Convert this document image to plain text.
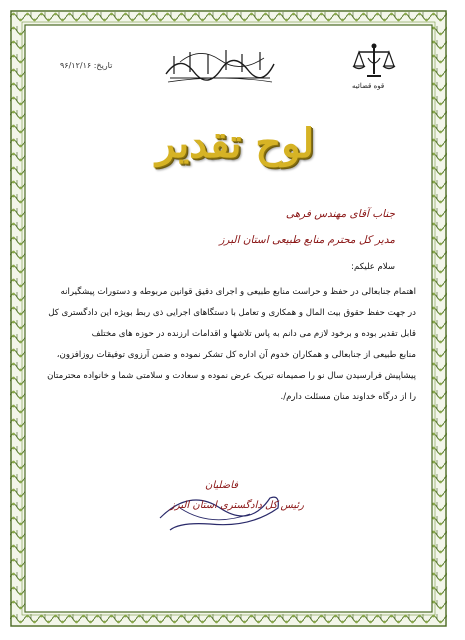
تاریخ: ۹۶/۱۲/۱۶
قوه قضائیه
لوح تقدیر
جناب آقای مهندس فرهی
مدیر کل محترم منابع طبیعی استان البرز
سلام علیکم:
اهتمام جنابعالی در حفظ و حراست منابع طبیعی و اجرای دقیق قوانین مربوطه و دستورات پیشگیرانه
در جهت حفظ حقوق بیت المال و همکاری و تعامل با دستگاهای اجرایی ذی ربط بویژه این دادگستری کل
قابل تقدیر بوده و برخود لازم می دانم به پاس تلاشها و اقدامات ارزنده در حوزه های مختلف
منابع طبیعی از جنابعالی و همکاران خدوم آن اداره کل تشکر نموده و ضمن آرزوی توفیقات روزافزون،
پیشاپیش فرارسیدن سال نو را صمیمانه تبریک عرض نموده و سعادت و سلامتی شما و خانواده محترمتان
را از درگاه خداوند منان مسئلت دارم/.
فاضلیان
رئیس کل دادگستری استان البرز
